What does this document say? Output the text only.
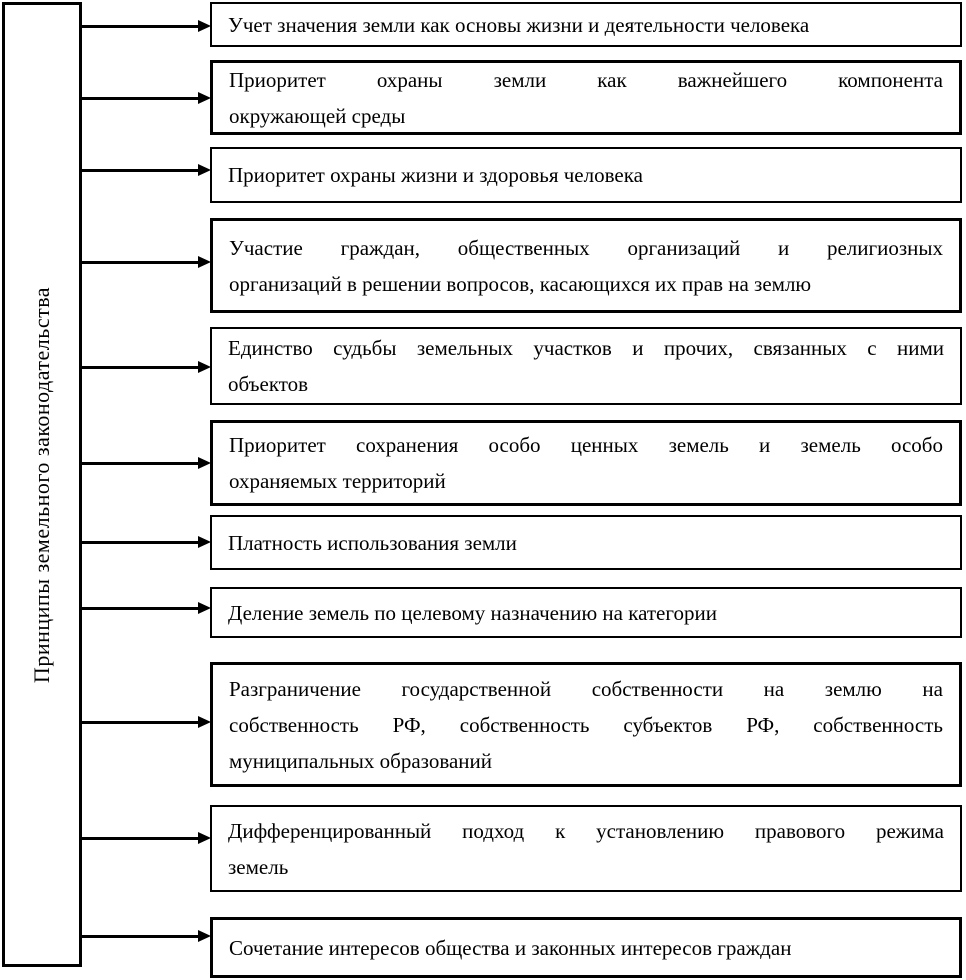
Принципы земельного законодательства
Учет значения земли как основы жизни и деятельности человека
Приоритет охраны земли как важнейшего компонента
окружающей среды
Приоритет охраны жизни и здоровья человека
Участие граждан, общественных организаций и религиозных
организаций в решении вопросов, касающихся их прав на землю
Единство судьбы земельных участков и прочих, связанных с ними
объектов
Приоритет сохранения особо ценных земель и земель особо
охраняемых территорий
Платность использования земли
Деление земель по целевому назначению на категории
Разграничение государственной собственности на землю на
собственность РФ, собственность субъектов РФ, собственность
муниципальных образований
Дифференцированный подход к установлению правового режима
земель
Сочетание интересов общества и законных интересов граждан
